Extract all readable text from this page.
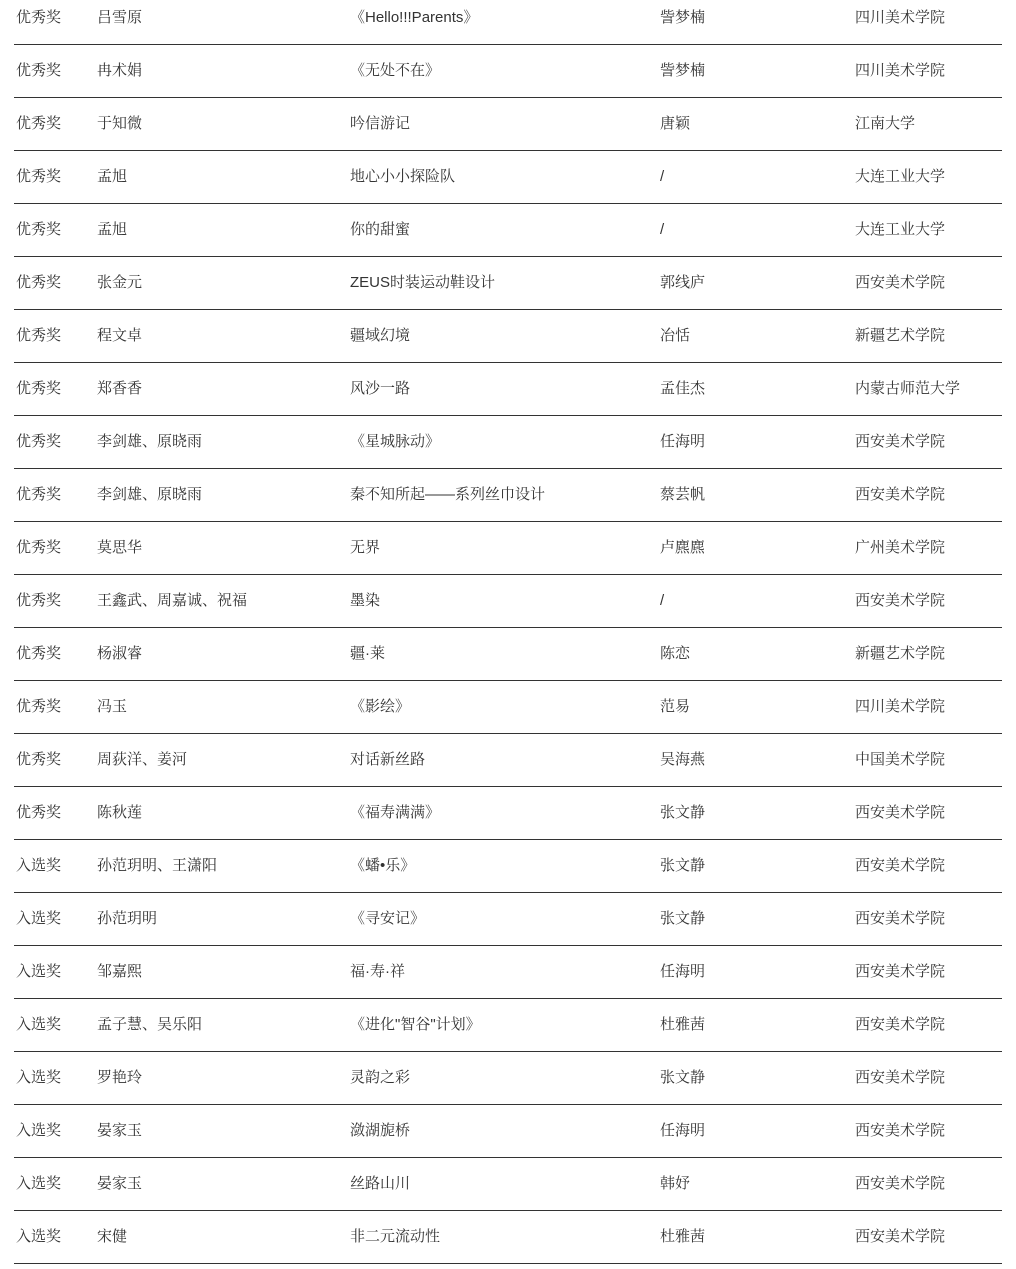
优秀奖	吕雪原	《Hello!!!Parents》	訾梦楠	四川美术学院
优秀奖	冉术娟	《无处不在》	訾梦楠	四川美术学院
优秀奖	于知微	吟信游记	唐颖	江南大学
优秀奖	孟旭	地心小小探险队	/	大连工业大学
优秀奖	孟旭	你的甜蜜	/	大连工业大学
优秀奖	张金元	ZEUS时装运动鞋设计	郭线庐	西安美术学院
优秀奖	程文卓	疆域幻境	冶恬	新疆艺术学院
优秀奖	郑香香	风沙一路	孟佳杰	内蒙古师范大学
优秀奖	李剑雄、原晓雨	《星城脉动》	任海明	西安美术学院
优秀奖	李剑雄、原晓雨	秦不知所起——系列丝巾设计	蔡芸帆	西安美术学院
优秀奖	莫思华	无界	卢麃麃	广州美术学院
优秀奖	王鑫武、周嘉诚、祝福	墨染	/	西安美术学院
优秀奖	杨淑睿	疆·莱	陈恋	新疆艺术学院
优秀奖	冯玉	《影绘》	范易	四川美术学院
优秀奖	周荻洋、姜河	对话新丝路	吴海燕	中国美术学院
优秀奖	陈秋莲	《福寿满满》	张文静	西安美术学院
入选奖	孙范玥明、王潇阳	《蟠•乐》	张文静	西安美术学院
入选奖	孙范玥明	《寻安记》	张文静	西安美术学院
入选奖	邹嘉熙	福·寿·祥	任海明	西安美术学院
入选奖	孟子慧、吴乐阳	《进化"智谷"计划》	杜雅茜	西安美术学院
入选奖	罗艳玲	灵韵之彩	张文静	西安美术学院
入选奖	晏家玉	潋湖旎桥	任海明	西安美术学院
入选奖	晏家玉	丝路山川	韩妤	西安美术学院
入选奖	宋健	非二元流动性	杜雅茜	西安美术学院
